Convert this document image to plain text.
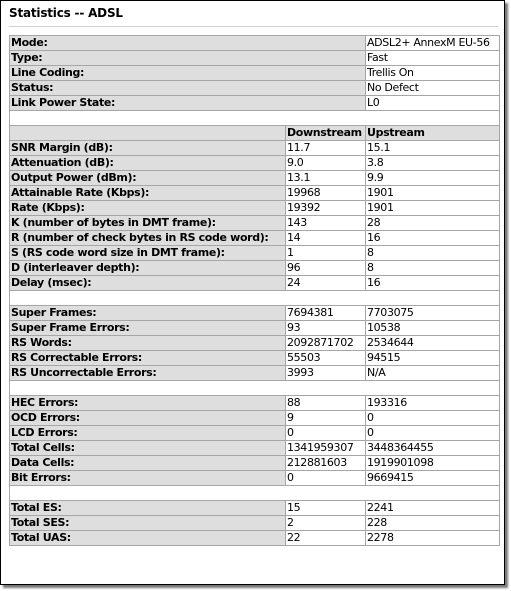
Statistics -- ADSL
Mode:		ADSL2+ AnnexM EU-56
Type:		Fast
Line Coding:		Trellis On
Status:		No Defect
Link Power State:		L0

	Downstream	Upstream
SNR Margin (dB):	11.7	15.1
Attenuation (dB):	9.0	3.8
Output Power (dBm):	13.1	9.9
Attainable Rate (Kbps):	19968	1901
Rate (Kbps):	19392	1901
K (number of bytes in DMT frame):	143	28
R (number of check bytes in RS code word):	14	16
S (RS code word size in DMT frame):	1	8
D (interleaver depth):	96	8
Delay (msec):	24	16

Super Frames:	7694381	7703075
Super Frame Errors:	93	10538
RS Words:	2092871702	2534644
RS Correctable Errors:	55503	94515
RS Uncorrectable Errors:	3993	N/A

HEC Errors:	88	193316
OCD Errors:	9	0
LCD Errors:	0	0
Total Cells:	1341959307	3448364455
Data Cells:	212881603	1919901098
Bit Errors:	0	9669415

Total ES:	15	2241
Total SES:	2	228
Total UAS:	22	2278
